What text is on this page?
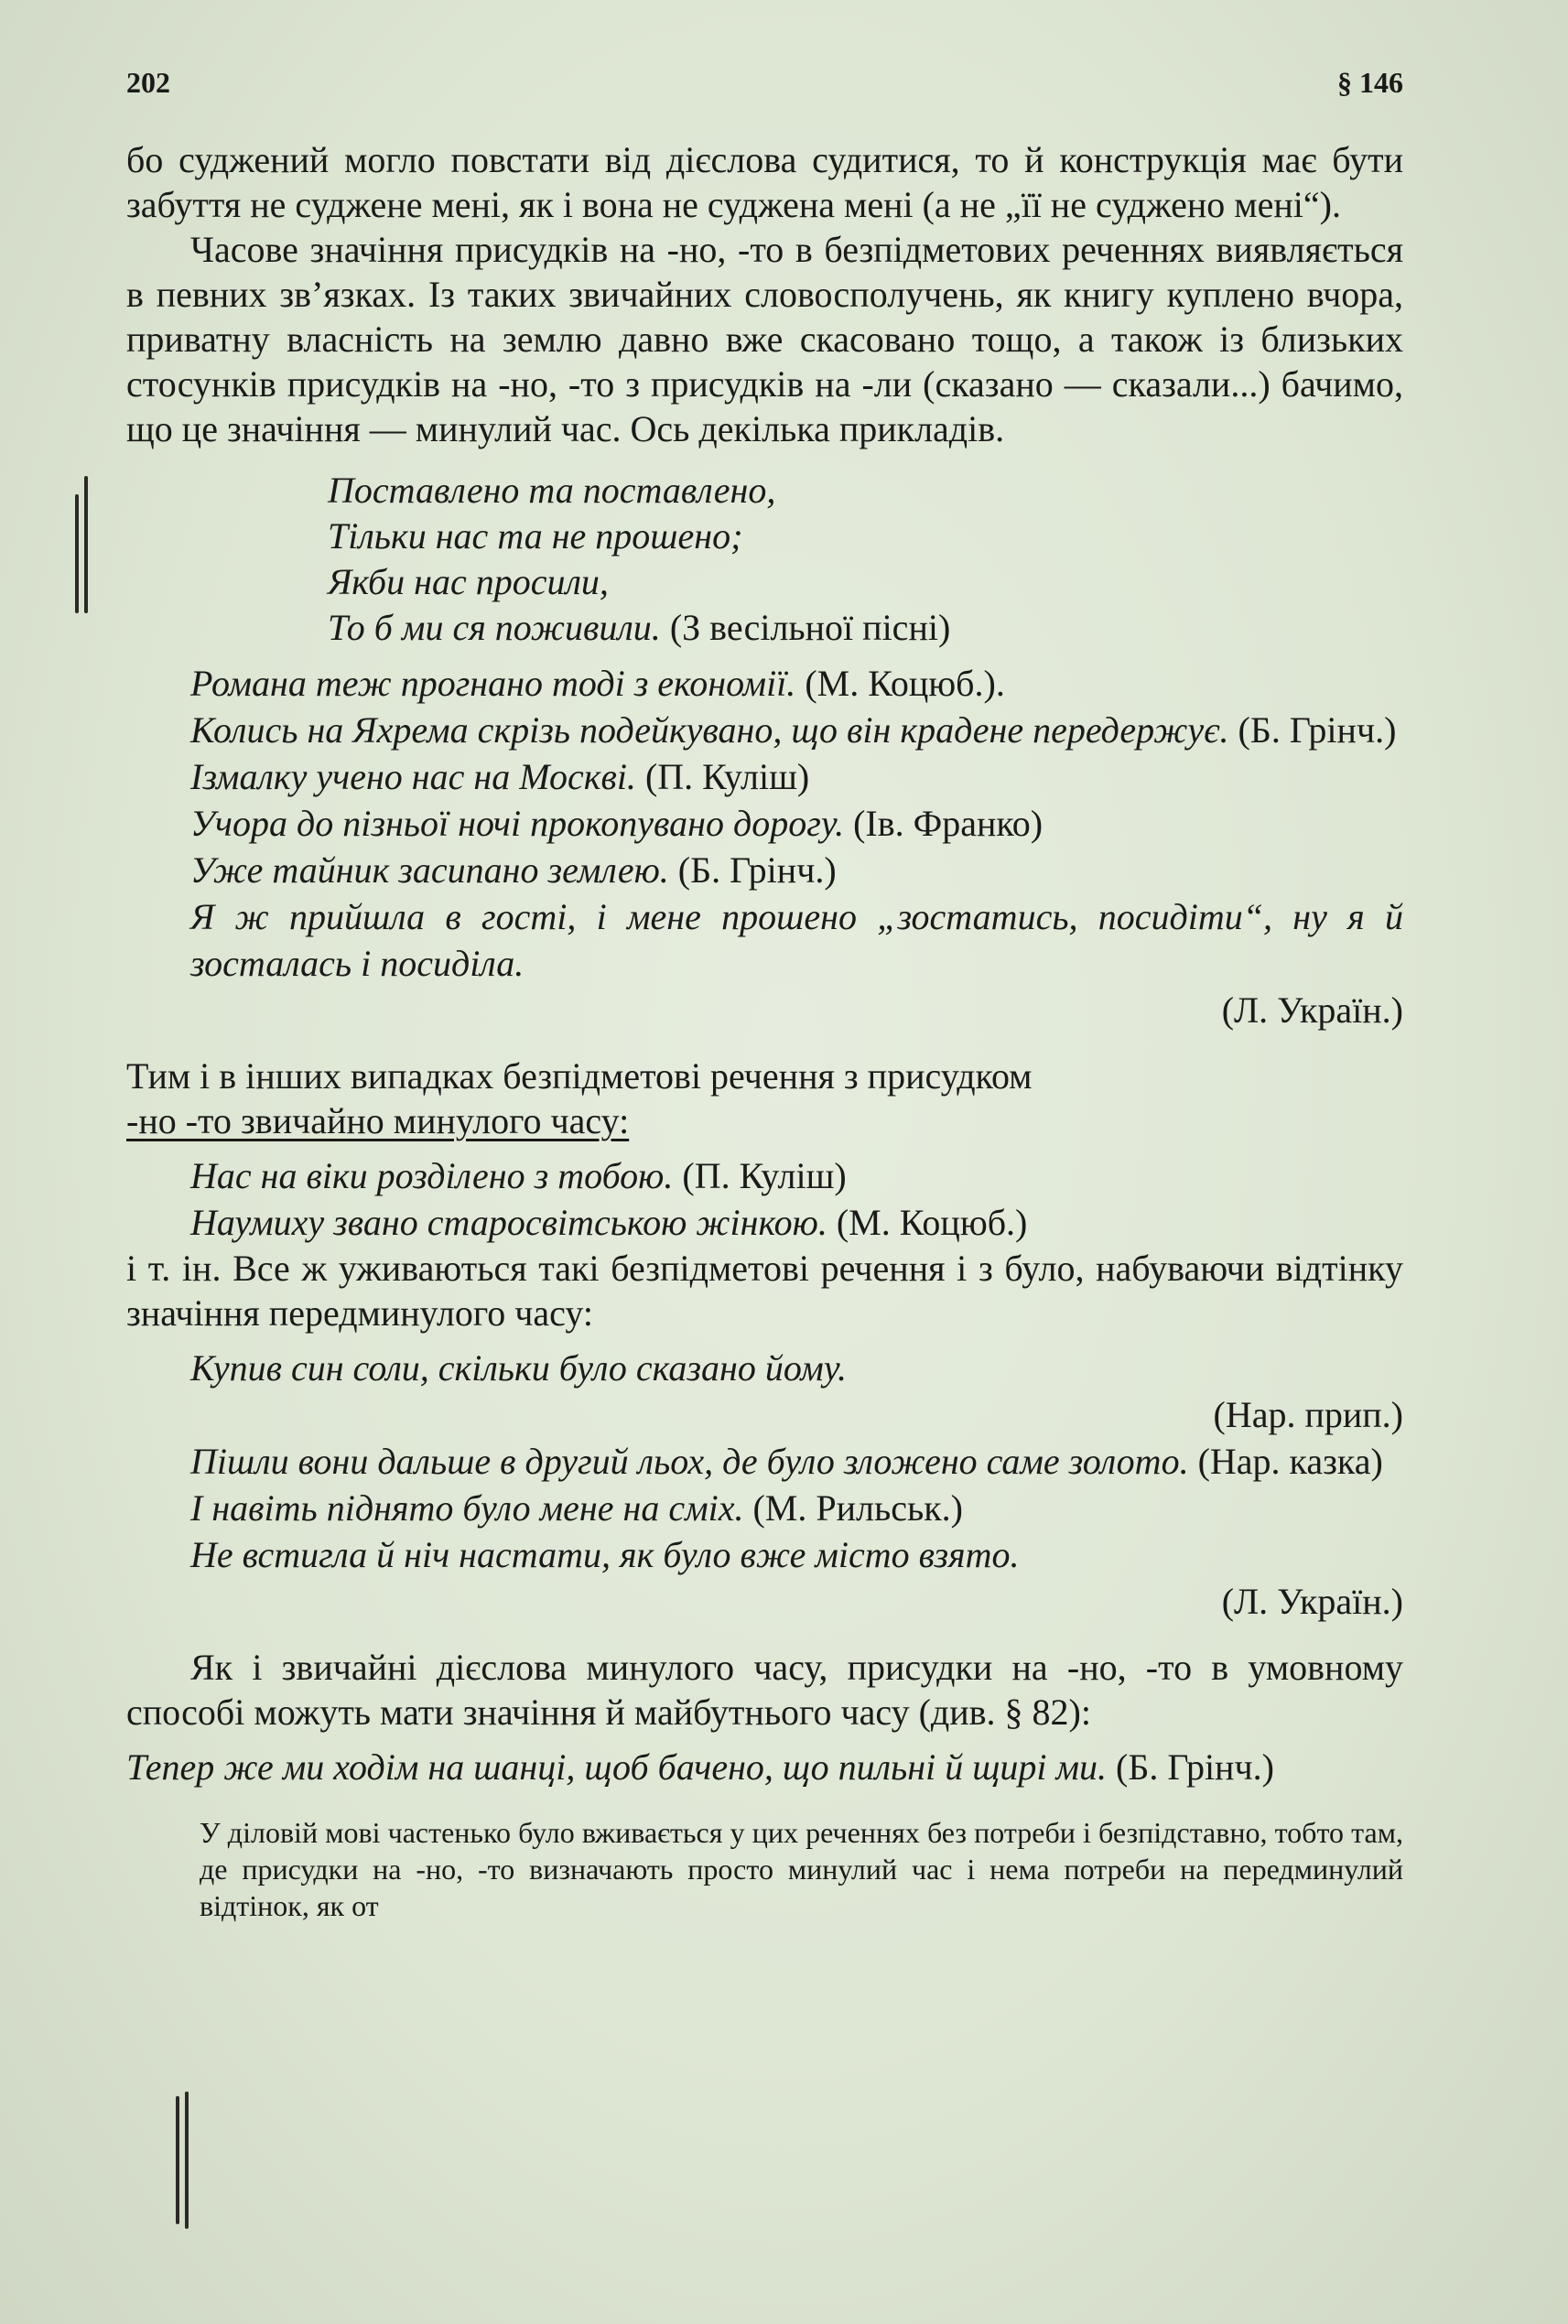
202	§ 146

бо суджений могло повстати від дієслова судитися, то й конструкція має бути забуття не суджене мені, як і вона не суджена мені (а не „її не суджено мені“).

Часове значіння присудків на -но, -то в безпідметових реченнях виявляється в певних зв’язках. Із таких звичайних словосполучень, як книгу куплено вчора, приватну власність на землю давно вже скасовано тощо, а також із близьких стосунків присудків на -но, -то з присудків на -ли (сказано — сказали...) бачимо, що це значіння — минулий час. Ось декілька прикладів.

Поставлено та поставлено,
Тільки нас та не прошено;
Якби нас просили,
То б ми ся поживили. (З весільної пісні)
Романа теж прогнано тоді з економії. (М. Коцюб.).
Колись на Яхрема скрізь подейкувано, що він крадене передержує. (Б. Грінч.)
Ізмалку учено нас на Москві. (П. Куліш)
Учора до пізньої ночі прокопувано дорогу. (Ів. Франко)
Уже тайник засипано землею. (Б. Грінч.)
Я ж прийшла в гості, і мене прошено „зостатись, посидіти“, ну я й зосталась і посиділа.
(Л. Україн.)

Тим і в інших випадках безпідметові речення з присудком
-но -то звичайно минулого часу:

Нас на віки розділено з тобою. (П. Куліш)
Наумиху звано старосвітською жінкою. (М. Коцюб.)

і т. ін. Все ж уживаються такі безпідметові речення і з було, набуваючи відтінку значіння передминулого часу:

Купив син соли, скільки було сказано йому.
(Нар. прип.)
Пішли вони дальше в другий льох, де було зложено саме золото. (Нар. казка)
І навіть піднято було мене на сміх. (М. Рильськ.)
Не встигла й ніч настати, як було вже місто взято.
(Л. Україн.)

Як і звичайні дієслова минулого часу, присудки на -но, -то в умовному способі можуть мати значіння й майбутнього часу (див. § 82):

Тепер же ми ходім на шанці, щоб бачено, що пильні й щирі ми. (Б. Грінч.)

У діловій мові частенько було вживається у цих реченнях без потреби і безпідставно, тобто там, де присудки на -но, -то визначають просто минулий час і нема потреби на передминулий відтінок, як от
